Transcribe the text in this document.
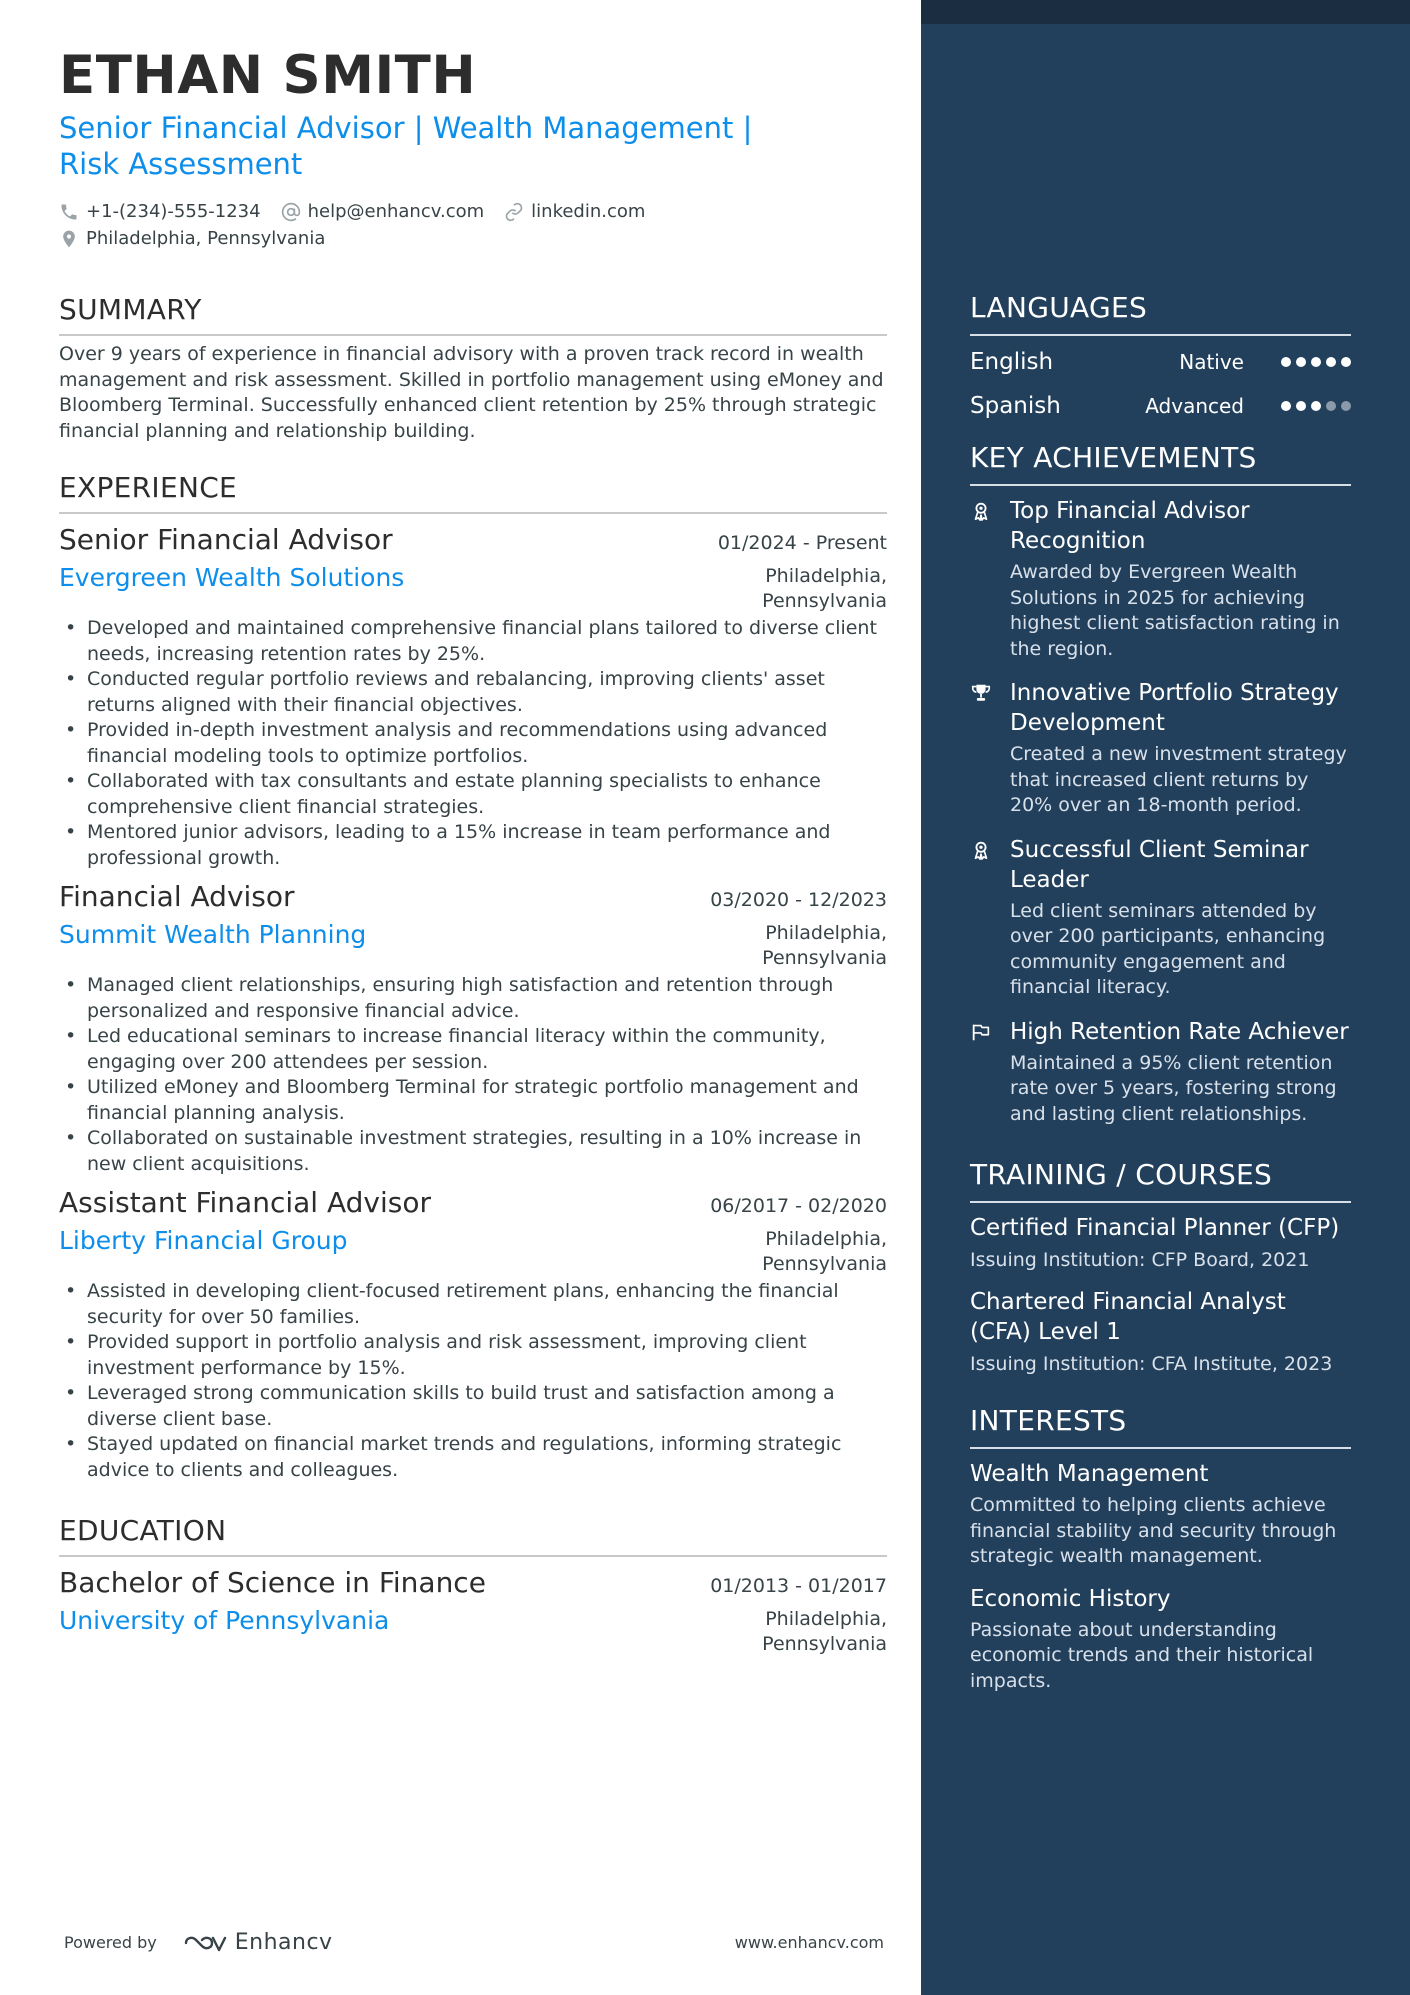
ETHAN SMITH
Senior Financial Advisor | Wealth Management | Risk Assessment
+1-(234)-555-1234	help@enhancv.com	linkedin.com
Philadelphia, Pennsylvania
SUMMARY
Over 9 years of experience in financial advisory with a proven track record in wealth management and risk assessment. Skilled in portfolio management using eMoney and Bloomberg Terminal. Successfully enhanced client retention by 25% through strategic financial planning and relationship building.
EXPERIENCE
Senior Financial Advisor	01/2024 - Present
Evergreen Wealth Solutions	Philadelphia, Pennsylvania
• Developed and maintained comprehensive financial plans tailored to diverse client needs, increasing retention rates by 25%.
• Conducted regular portfolio reviews and rebalancing, improving clients' asset returns aligned with their financial objectives.
• Provided in-depth investment analysis and recommendations using advanced financial modeling tools to optimize portfolios.
• Collaborated with tax consultants and estate planning specialists to enhance comprehensive client financial strategies.
• Mentored junior advisors, leading to a 15% increase in team performance and professional growth.
Financial Advisor	03/2020 - 12/2023
Summit Wealth Planning	Philadelphia, Pennsylvania
• Managed client relationships, ensuring high satisfaction and retention through personalized and responsive financial advice.
• Led educational seminars to increase financial literacy within the community, engaging over 200 attendees per session.
• Utilized eMoney and Bloomberg Terminal for strategic portfolio management and financial planning analysis.
• Collaborated on sustainable investment strategies, resulting in a 10% increase in new client acquisitions.
Assistant Financial Advisor	06/2017 - 02/2020
Liberty Financial Group	Philadelphia, Pennsylvania
• Assisted in developing client-focused retirement plans, enhancing the financial security for over 50 families.
• Provided support in portfolio analysis and risk assessment, improving client investment performance by 15%.
• Leveraged strong communication skills to build trust and satisfaction among a diverse client base.
• Stayed updated on financial market trends and regulations, informing strategic advice to clients and colleagues.
EDUCATION
Bachelor of Science in Finance	01/2013 - 01/2017
University of Pennsylvania	Philadelphia, Pennsylvania
Powered by	Enhancv	www.enhancv.com
LANGUAGES
English	Native
Spanish	Advanced
KEY ACHIEVEMENTS
Top Financial Advisor Recognition
Awarded by Evergreen Wealth Solutions in 2025 for achieving highest client satisfaction rating in the region.
Innovative Portfolio Strategy Development
Created a new investment strategy that increased client returns by 20% over an 18-month period.
Successful Client Seminar Leader
Led client seminars attended by over 200 participants, enhancing community engagement and financial literacy.
High Retention Rate Achiever
Maintained a 95% client retention rate over 5 years, fostering strong and lasting client relationships.
TRAINING / COURSES
Certified Financial Planner (CFP)
Issuing Institution: CFP Board, 2021
Chartered Financial Analyst (CFA) Level 1
Issuing Institution: CFA Institute, 2023
INTERESTS
Wealth Management
Committed to helping clients achieve financial stability and security through strategic wealth management.
Economic History
Passionate about understanding economic trends and their historical impacts.
